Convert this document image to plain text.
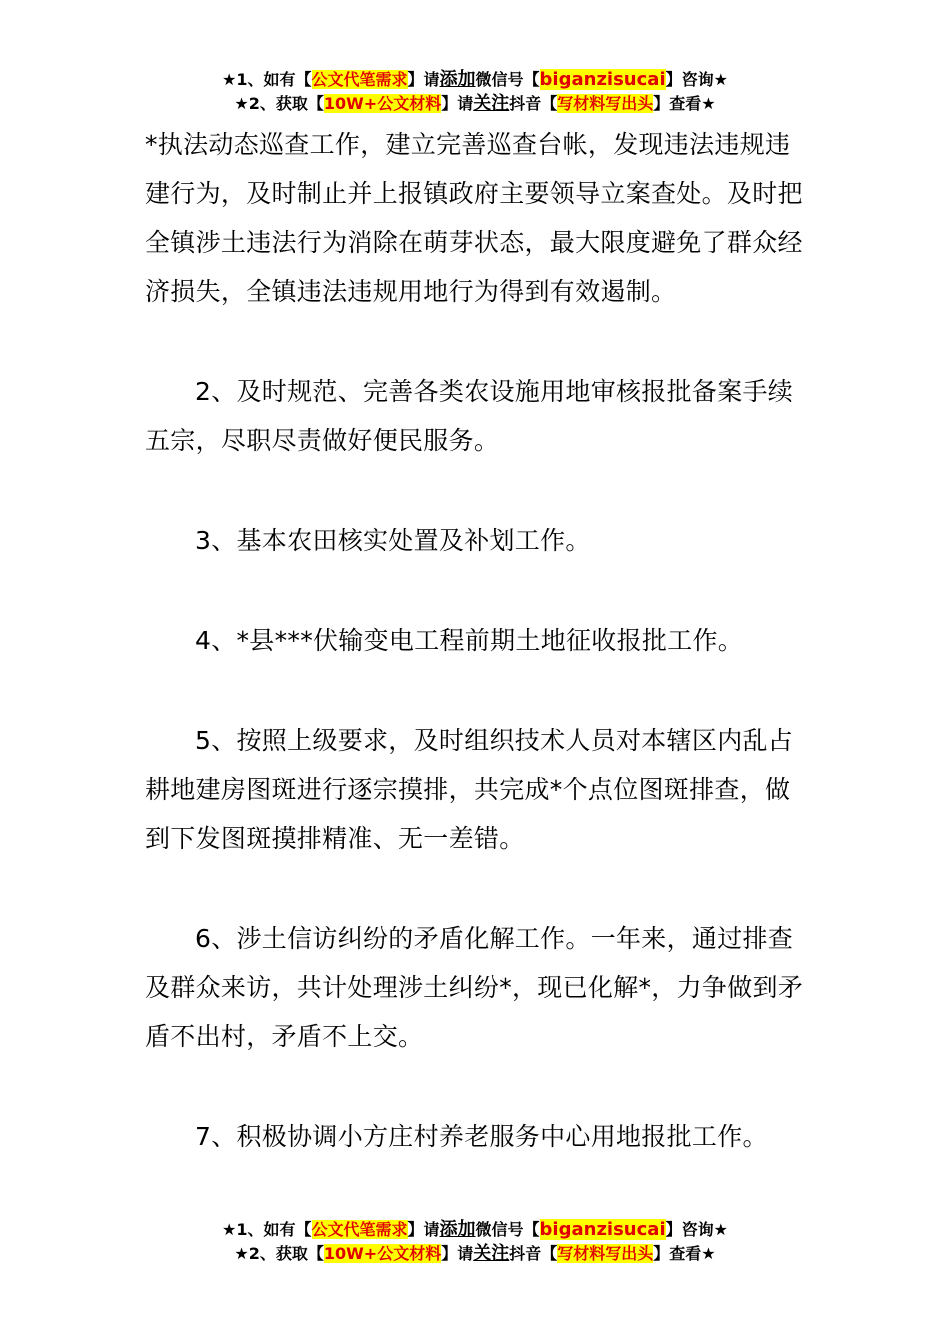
★1、如有【公文代笔需求】请添加微信号【biganzisucai】咨询★
★2、获取【10W+公文材料】请关注抖音【写材料写出头】查看★

*执法动态巡查工作，建立完善巡查台帐，发现违法违规违建行为，及时制止并上报镇政府主要领导立案查处。及时把全镇涉土违法行为消除在萌芽状态，最大限度避免了群众经济损失，全镇违法违规用地行为得到有效遏制。

2、及时规范、完善各类农设施用地审核报批备案手续五宗，尽职尽责做好便民服务。

3、基本农田核实处置及补划工作。

4、*县***伏输变电工程前期土地征收报批工作。

5、按照上级要求，及时组织技术人员对本辖区内乱占耕地建房图斑进行逐宗摸排，共完成*个点位图斑排查，做到下发图斑摸排精准、无一差错。

6、涉土信访纠纷的矛盾化解工作。一年来，通过排查及群众来访，共计处理涉土纠纷*，现已化解*，力争做到矛盾不出村，矛盾不上交。

7、积极协调小方庄村养老服务中心用地报批工作。

★1、如有【公文代笔需求】请添加微信号【biganzisucai】咨询★
★2、获取【10W+公文材料】请关注抖音【写材料写出头】查看★
